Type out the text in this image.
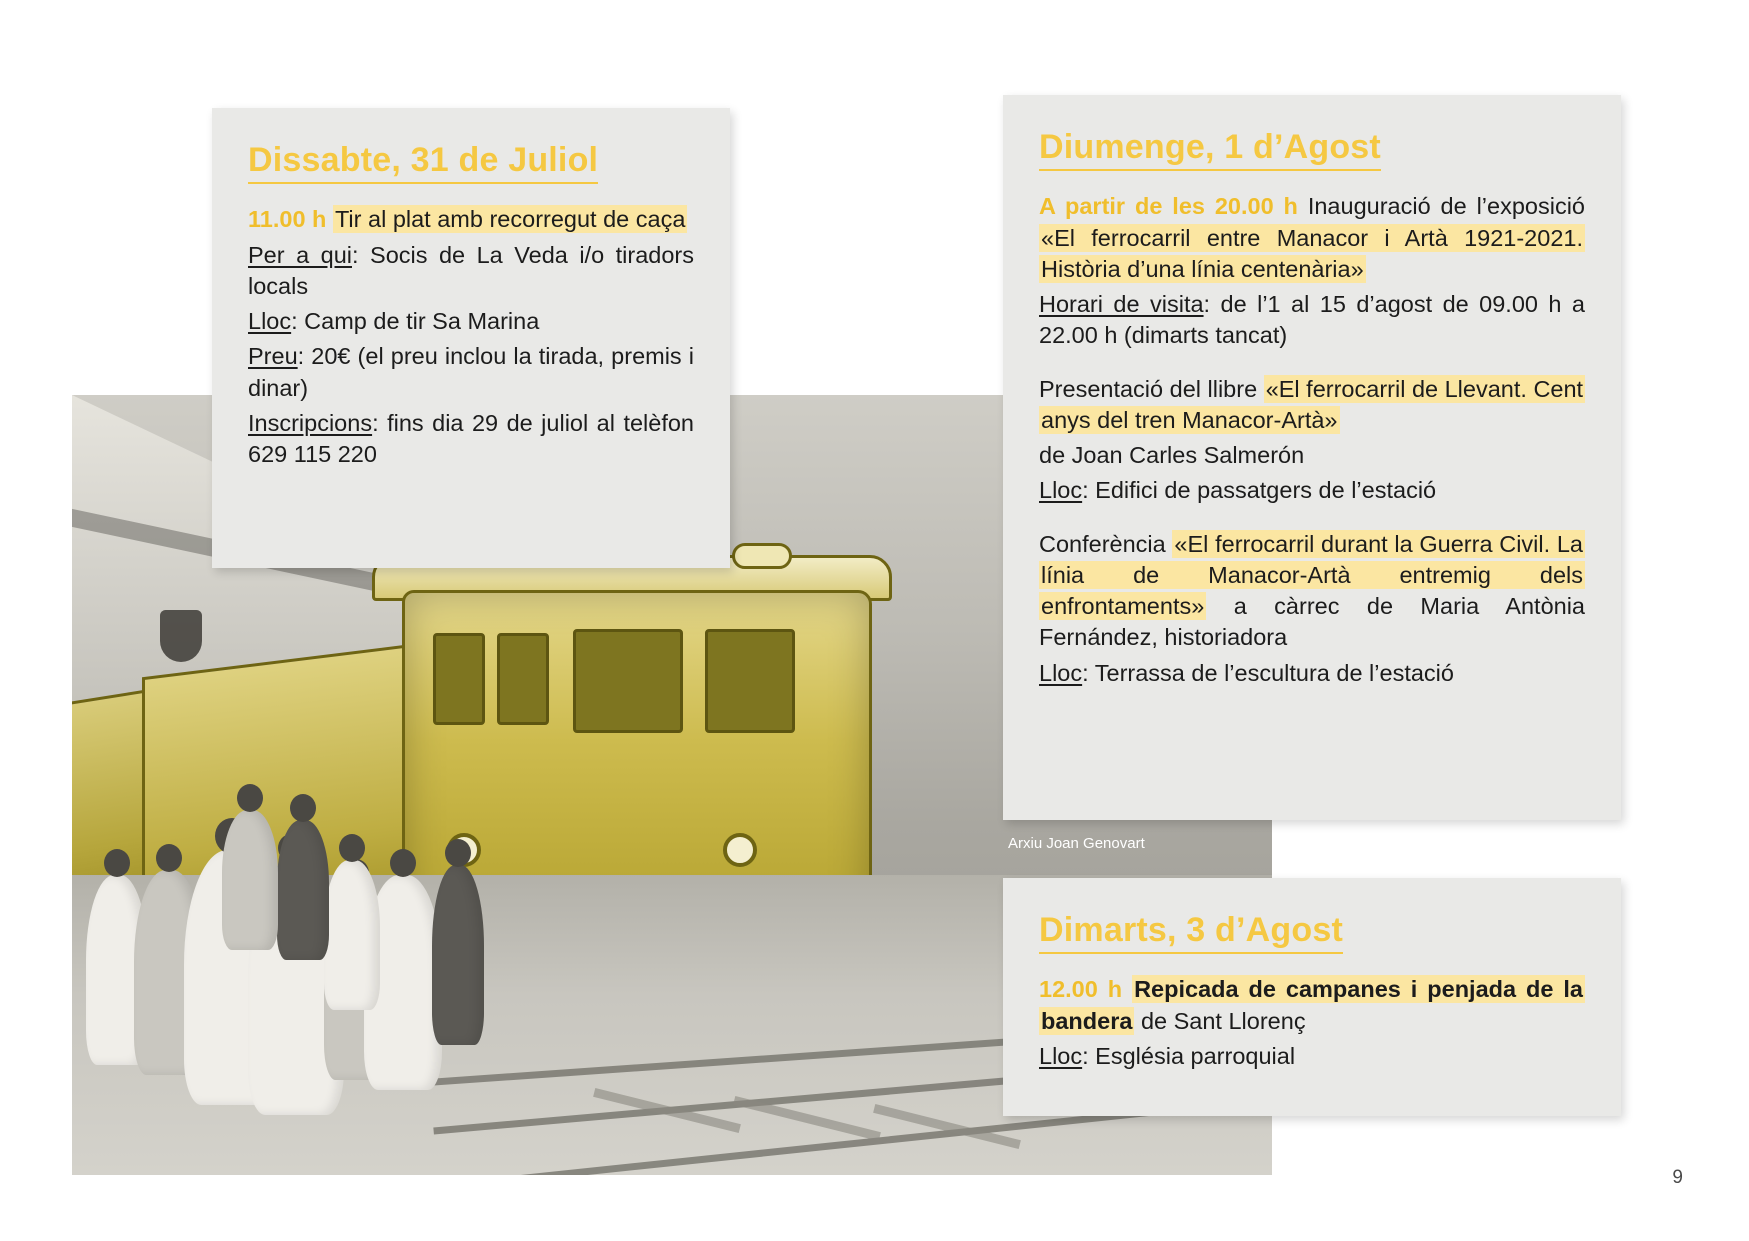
Arxiu Joan Genovart
Dissabte, 31 de Juliol

11.00 h Tir al plat amb recorregut de caça

Per a qui: Socis de La Veda i/o tiradors locals

Lloc: Camp de tir Sa Marina

Preu: 20€ (el preu inclou la tirada, premis i dinar)

Inscripcions: fins dia 29 de juliol al telèfon 629 115 220

Diumenge, 1 d’Agost

A partir de les 20.00 h Inauguració de l’exposició «El ferrocarril entre Manacor i Artà 1921-2021. Història d’una línia centenària»

Horari de visita: de l’1 al 15 d’agost de 09.00 h a 22.00 h (dimarts tancat)

Presentació del llibre «El ferrocarril de Llevant. Cent anys del tren Manacor-Artà»

de Joan Carles Salmerón

Lloc: Edifici de passatgers de l’estació

Conferència «El ferrocarril durant la Guerra Civil. La línia de Manacor-Artà entremig dels enfrontaments» a càrrec de Maria Antònia Fernández, historiadora

Lloc: Terrassa de l’escultura de l’estació

Dimarts, 3 d’Agost

12.00 h Repicada de campanes i penjada de la bandera de Sant Llorenç

Lloc: Església parroquial

9
